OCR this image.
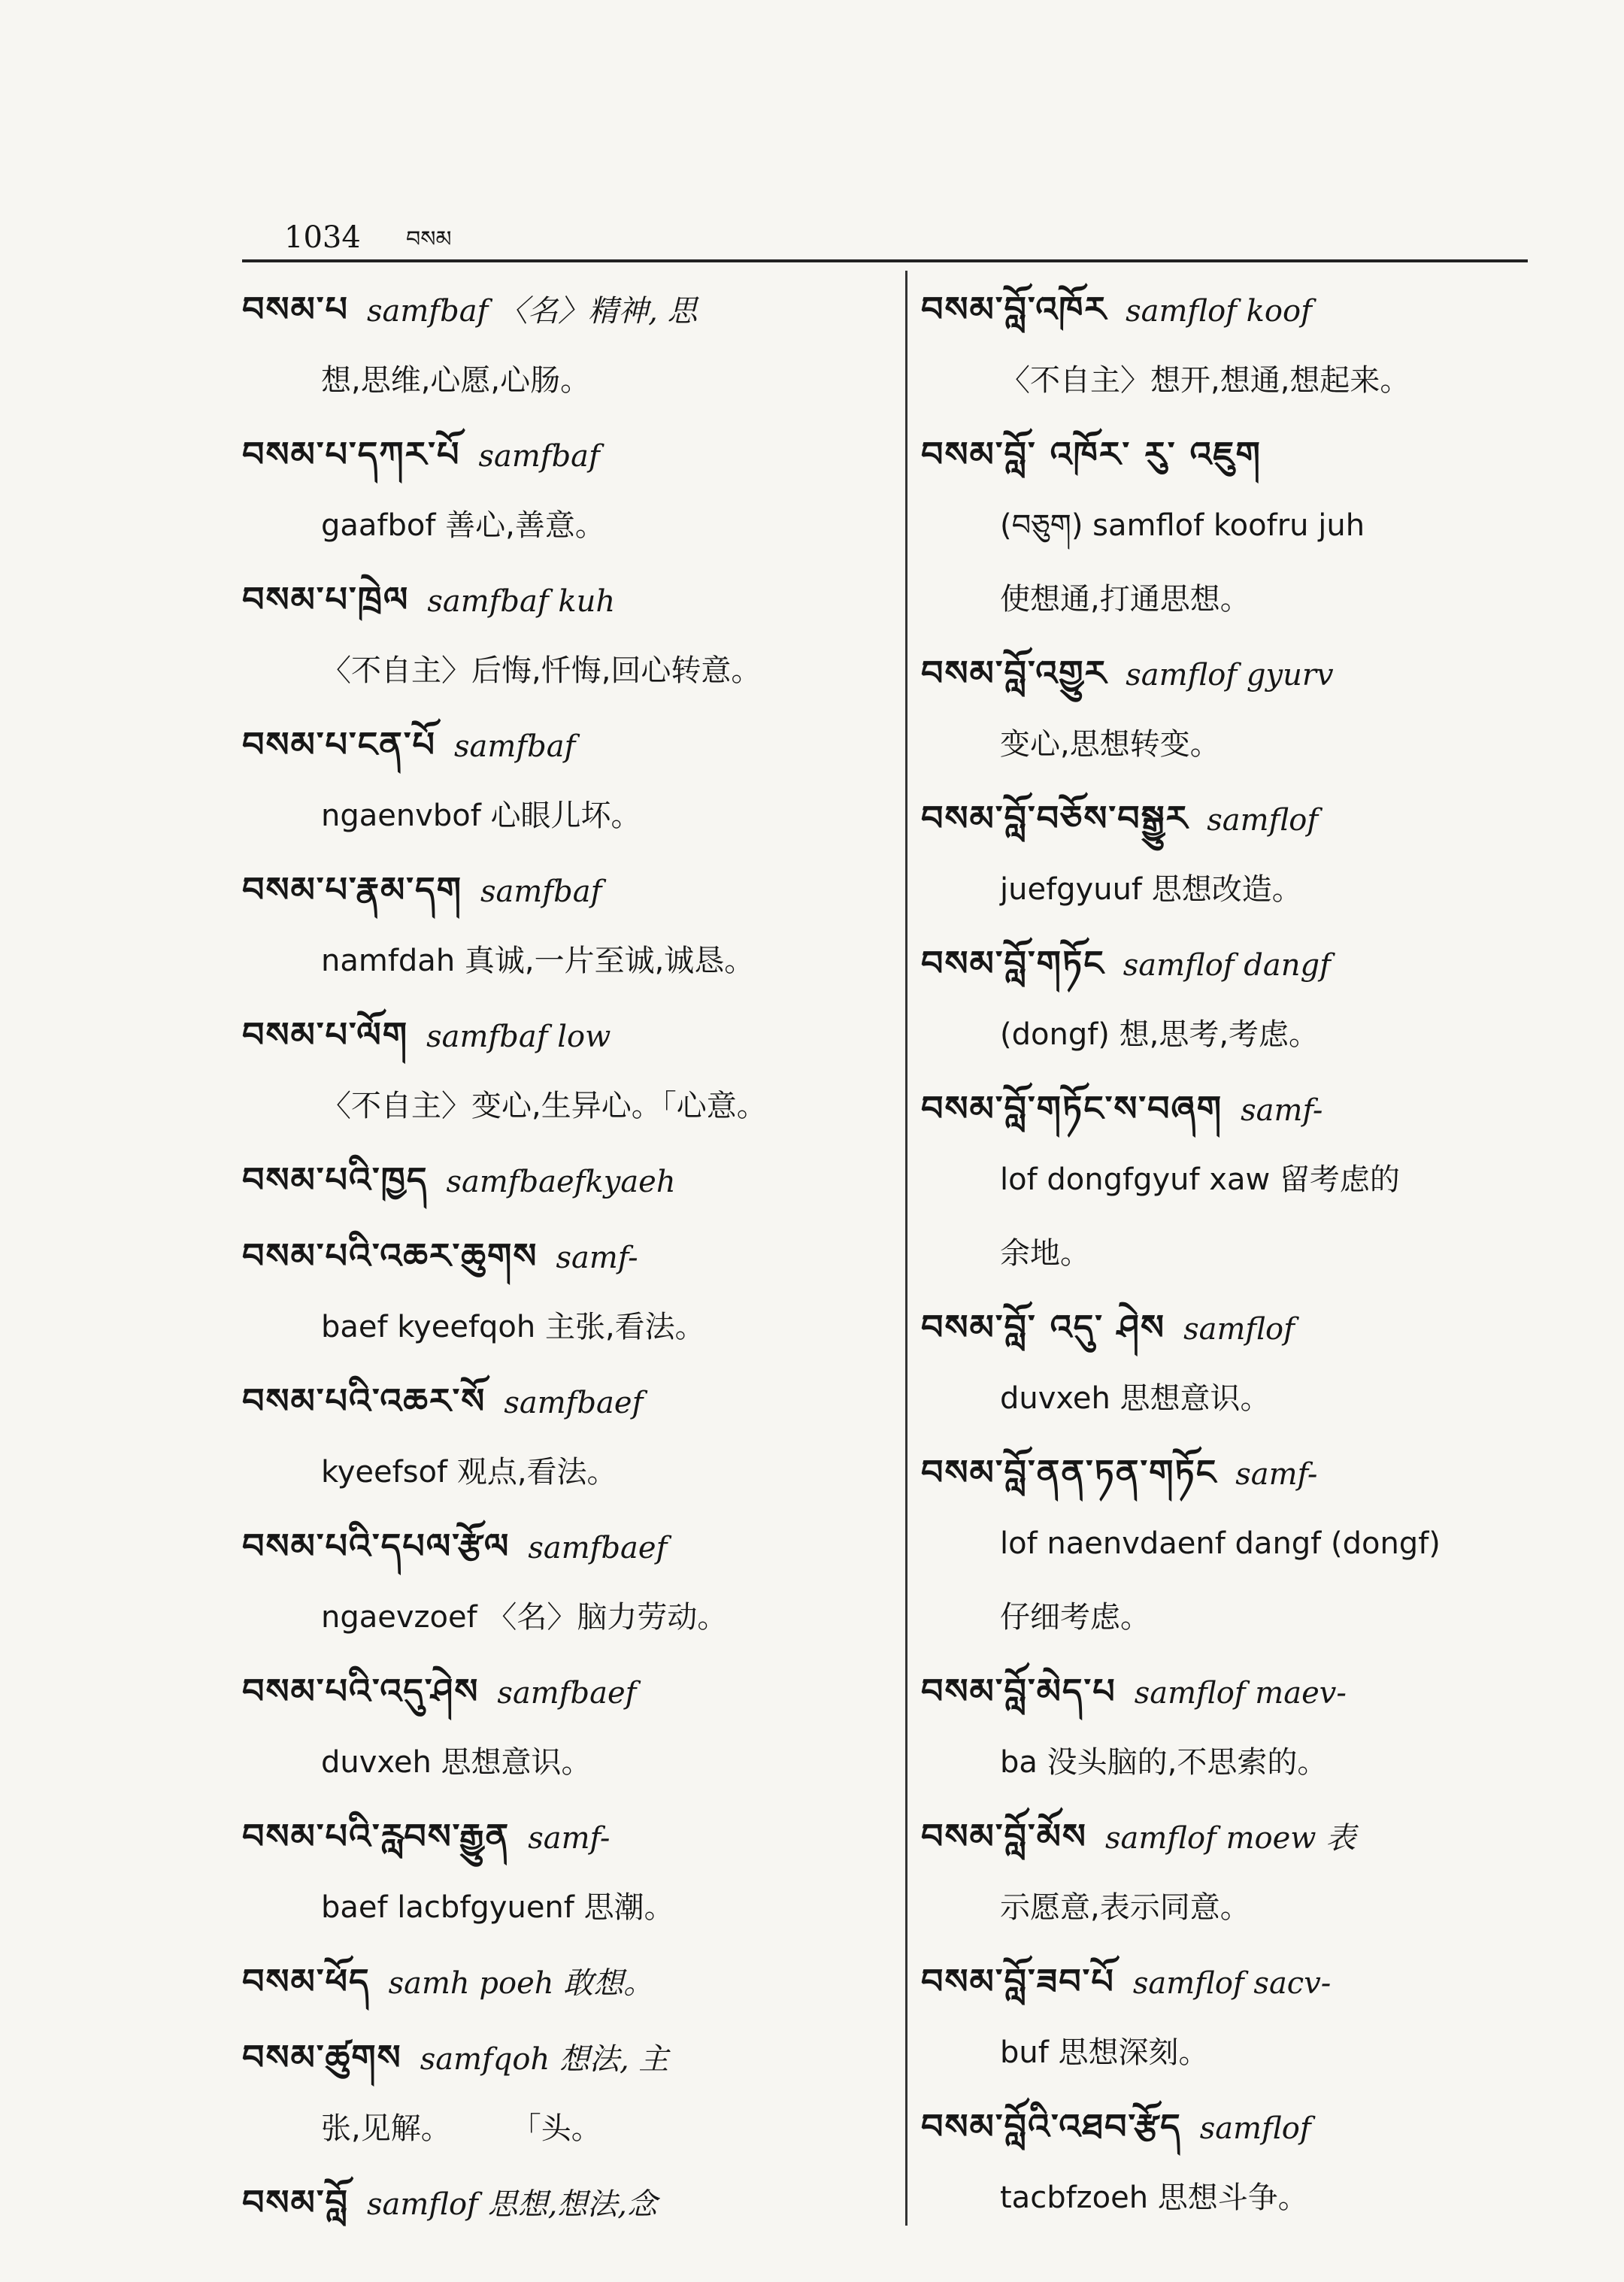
1034 བསམ
བསམ་པ samfbaf 〈名〉精神, 思
想,思维,心愿,心肠。
བསམ་པ་དཀར་པོ samfbaf
gaafbof 善心,善意。
བསམ་པ་ཁྲེལ samfbaf kuh
〈不自主〉后悔,忏悔,回心转意。
བསམ་པ་ངན་པོ samfbaf
ngaenvbof 心眼儿坏。
བསམ་པ་རྣམ་དག samfbaf
namfdah 真诚,一片至诚,诚恳。
བསམ་པ་ལོག samfbaf low
〈不自主〉变心,生异心。「心意。
བསམ་པའི་ཁྱད samfbaefkyaeh
བསམ་པའི་འཆར་ཆུགས samf-
baef kyeefqoh 主张,看法。
བསམ་པའི་འཆར་སོ samfbaef
kyeefsof 观点,看法。
བསམ་པའི་དཔལ་རྩོལ samfbaef
ngaevzoef 〈名〉脑力劳动。
བསམ་པའི་འདུ་ཤེས samfbaef
duvxeh 思想意识。
བསམ་པའི་རླབས་རྒྱུན samf-
baef lacbfgyuenf 思潮。
བསམ་ཕོད samh poeh 敢想。
བསམ་ཚུགས samfqoh 想法, 主
张,见解。　　　「头。
བསམ་བློ samflof 思想,想法,念
བསམ་བློ་འཁོར samflof koof
〈不自主〉想开,想通,想起来。
བསམ་བློ་ འཁོར་ རུ་ འཇུག
(བཅུག) samflof koofru juh
使想通,打通思想。
བསམ་བློ་འགྱུར samflof gyurv
变心,思想转变。
བསམ་བློ་བཅོས་བསྒྱུར samflof
juefgyuuf 思想改造。
བསམ་བློ་གཏོང samflof dangf
(dongf) 想,思考,考虑。
བསམ་བློ་གཏོང་ས་བཞག samf-
lof dongfgyuf xaw 留考虑的
余地。
བསམ་བློ་ འདུ་ ཤེས samflof
duvxeh 思想意识。
བསམ་བློ་ནན་ཏན་གཏོང samf-
lof naenvdaenf dangf (dongf)
仔细考虑。
བསམ་བློ་མེད་པ samflof maev-
ba 没头脑的,不思索的。
བསམ་བློ་མོས samflof moew 表
示愿意,表示同意。
བསམ་བློ་ཟབ་པོ samflof sacv-
buf 思想深刻。
བསམ་བློའི་འཐབ་རྩོད samflof
tacbfzoeh 思想斗争。
